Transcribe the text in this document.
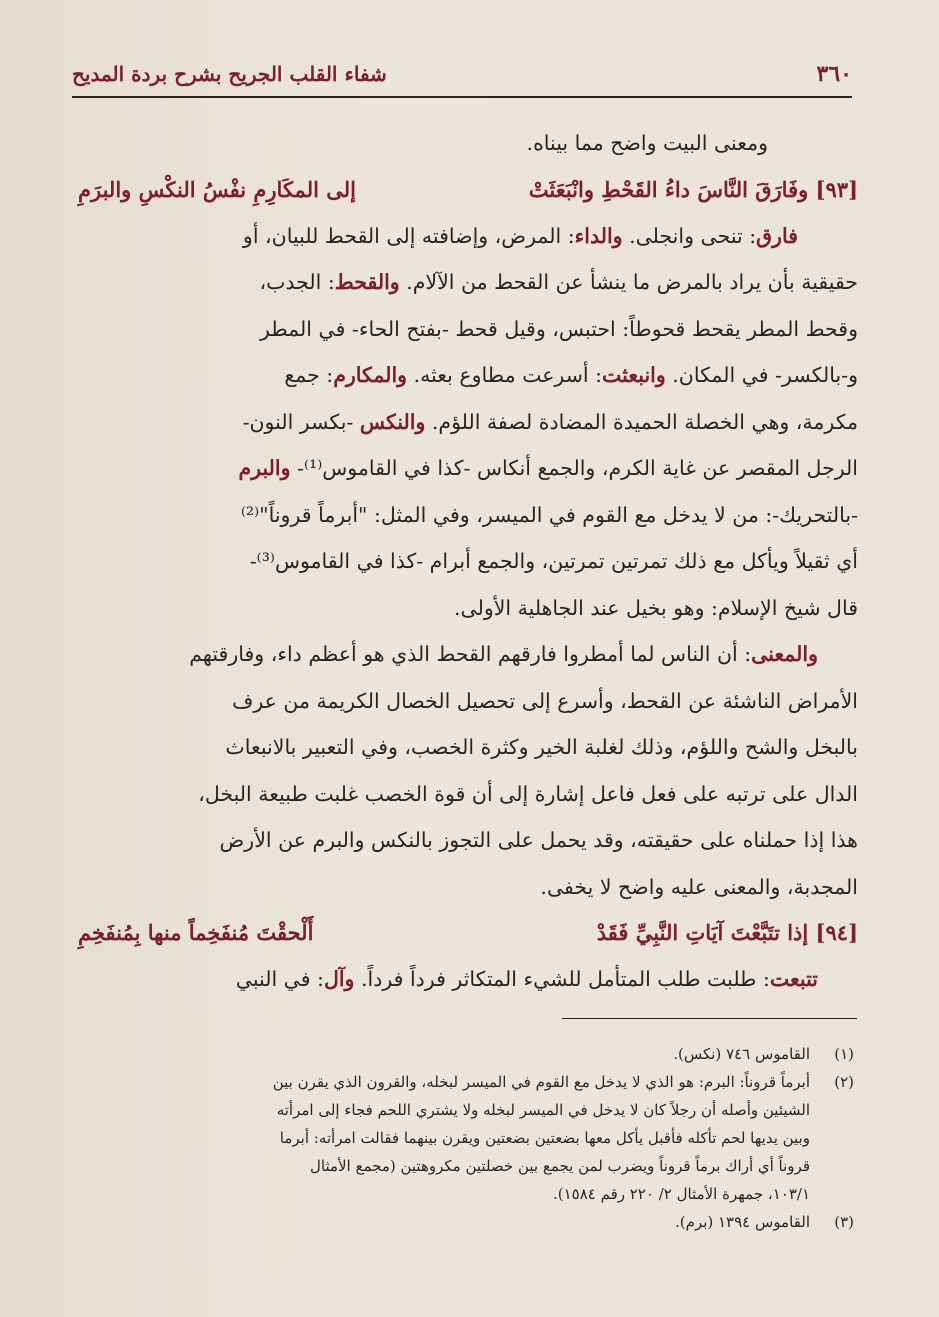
٣٦٠
شفاء القلب الجريح بشرح بردة المديح
ومعنى البيت واضح مما بيناه.
[٩٣] وفَارَقَ النَّاسَ داءُ القَحْطِ وانْبَعَثَتْ
إلى المكَارِمِ نفْسُ النكْسِ والبرَمِ
فارق: تنحى وانجلى. والداء: المرض، وإضافته إلى القحط للبيان، أو
حقيقية بأن يراد بالمرض ما ينشأ عن القحط من الآلام. والقحط: الجدب،
وقحط المطر يقحط قحوطاً: احتبس، وقيل قحط -بفتح الحاء- في المطر
و-بالكسر- في المكان. وانبعثت: أسرعت مطاوع بعثه. والمكارم: جمع
مكرمة، وهي الخصلة الحميدة المضادة لصفة اللؤم. والنكس -بكسر النون-
الرجل المقصر عن غاية الكرم، والجمع أنكاس -كذا في القاموس⁽¹⁾- والبرم
-بالتحريك-: من لا يدخل مع القوم في الميسر، وفي المثل: "أبرماً قروناً"⁽²⁾
أي ثقيلاً ويأكل مع ذلك تمرتين تمرتين، والجمع أبرام -كذا في القاموس⁽³⁾-
قال شيخ الإسلام: وهو بخيل عند الجاهلية الأولى.
والمعنى: أن الناس لما أمطروا فارقهم القحط الذي هو أعظم داء، وفارقتهم
الأمراض الناشئة عن القحط، وأسرع إلى تحصيل الخصال الكريمة من عرف
بالبخل والشح واللؤم، وذلك لغلبة الخير وكثرة الخصب، وفي التعبير بالانبعاث
الدال على ترتبه على فعل فاعل إشارة إلى أن قوة الخصب غلبت طبيعة البخل،
هذا إذا حملناه على حقيقته، وقد يحمل على التجوز بالنكس والبرم عن الأرض
المجدبة، والمعنى عليه واضح لا يخفى.
[٩٤] إذا تتَبَّعْتَ آيَاتِ النَّبِيِّ فَقَدْ
أَلْحقْتَ مُنفَخِماً منها بِمُنفَخِمِ
تتبعت: طلبت طلب المتأمل للشيء المتكاثر فرداً فرداً. وآل: في النبي
(١)القاموس ٧٤٦ (نكس).
(٢)أبرماً قروناً: البرم: هو الذي لا يدخل مع القوم في الميسر لبخله، والقرون الذي يقرن بين
الشيئين وأصله أن رجلاً كان لا يدخل في الميسر لبخله ولا يشتري اللحم فجاء إلى امرأته
وبين يديها لحم تأكله فأقبل يأكل معها بضعتين بضعتين ويقرن بينهما فقالت امرأته: أبرما
قروناً أي أراك برماً قروناً ويضرب لمن يجمع بين خصلتين مكروهتين (مجمع الأمثال
١٠٣/١، جمهرة الأمثال ٢/ ٢٢٠ رقم ١٥٨٤).
(٣)القاموس ١٣٩٤ (برم).
